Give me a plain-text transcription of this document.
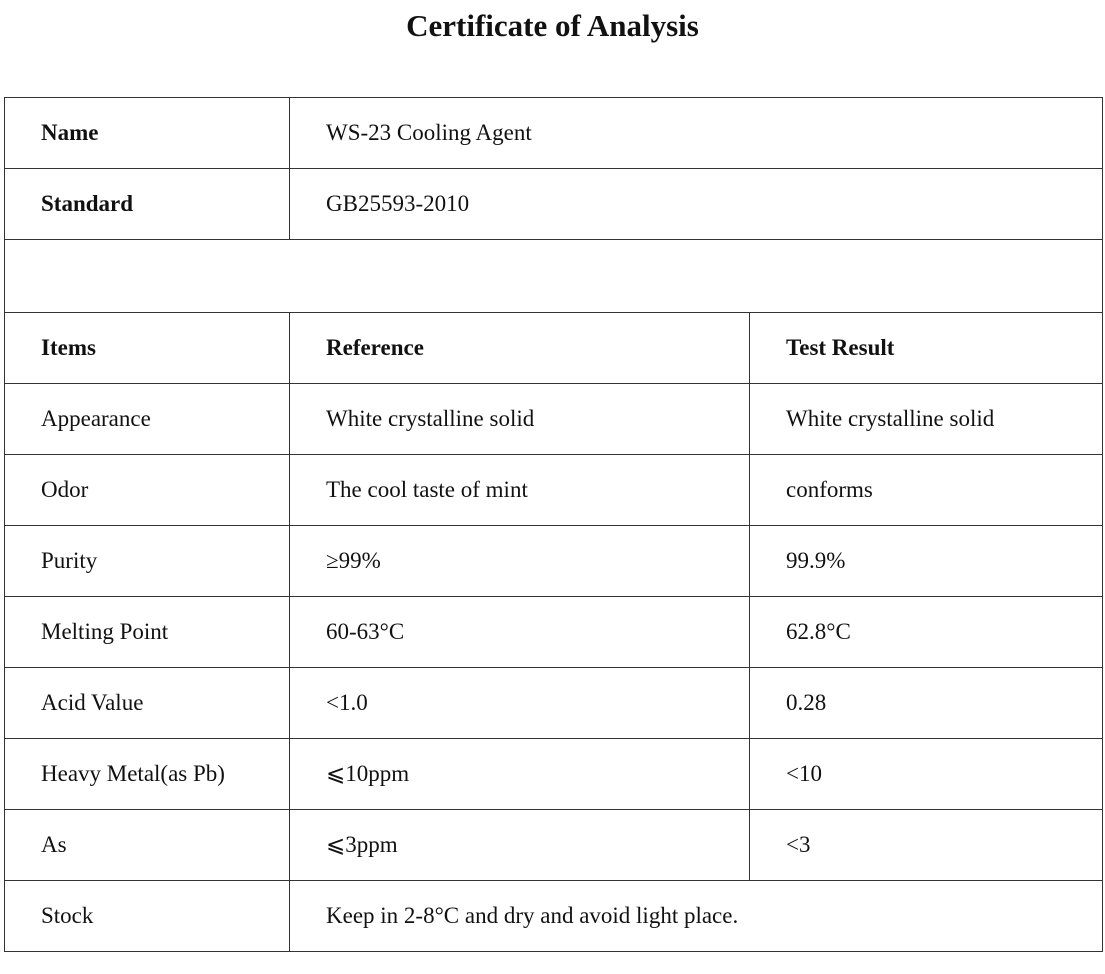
Certificate of Analysis
Name	WS-23 Cooling Agent	
Standard	GB25593-2010	

Items	Reference	Test Result
Appearance	White crystalline solid	White crystalline solid
Odor	The cool taste of mint	conforms
Purity	≥99%	99.9%
Melting Point	60-63°C	62.8°C
Acid Value	<1.0	0.28
Heavy Metal(as Pb)	⩽10ppm	<10
As	⩽3ppm	<3
Stock	Keep in 2-8°C and dry and avoid light place.	
